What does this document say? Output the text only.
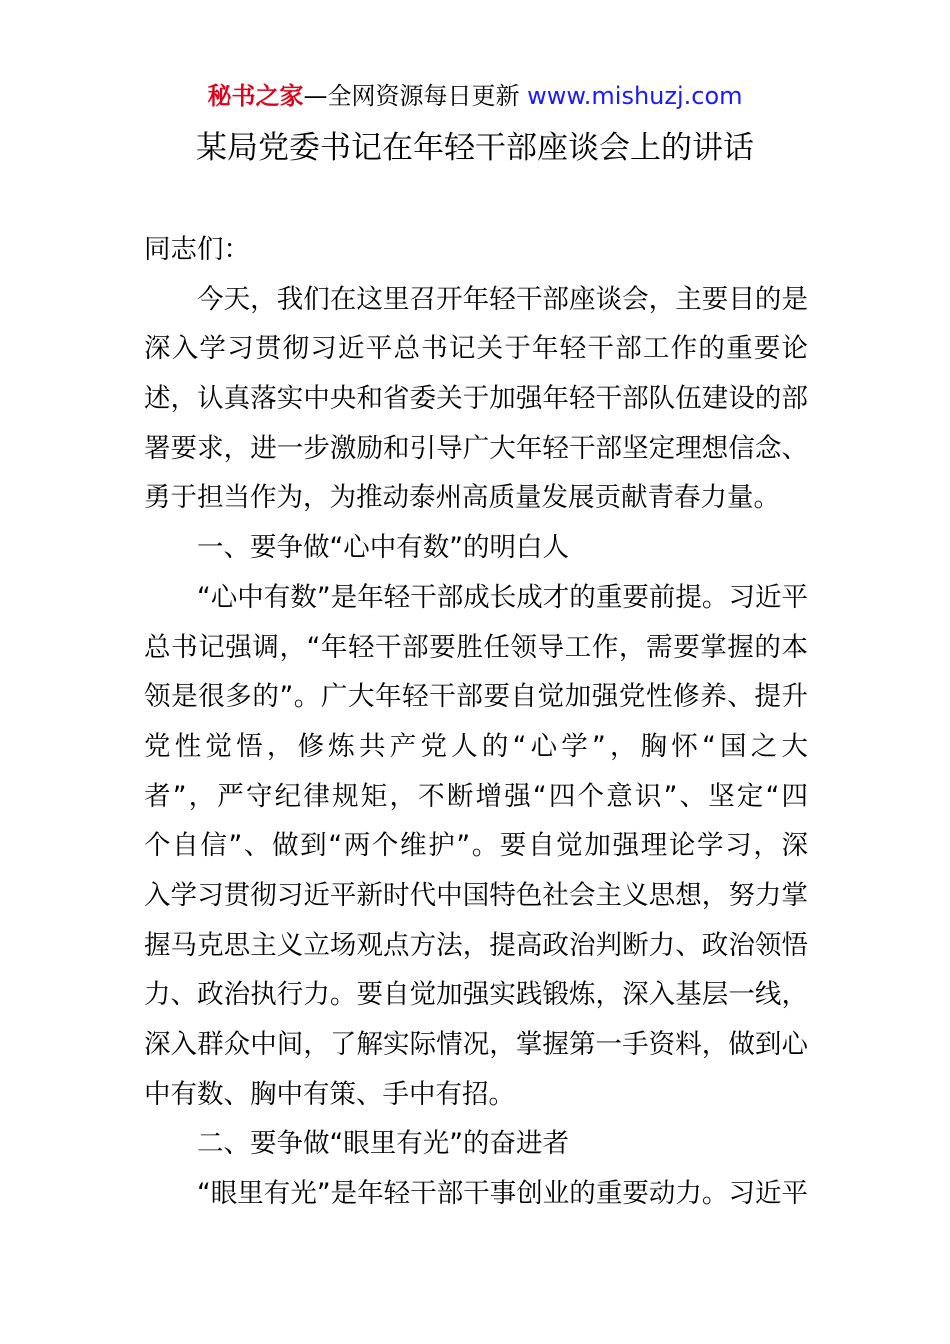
秘书之家—全网资源每日更新 www.mishuzj.com
某局党委书记在年轻干部座谈会上的讲话
同志们：
今天，我们在这里召开年轻干部座谈会，主要目的是
深入学习贯彻习近平总书记关于年轻干部工作的重要论
述，认真落实中央和省委关于加强年轻干部队伍建设的部
署要求，进一步激励和引导广大年轻干部坚定理想信念、
勇于担当作为，为推动泰州高质量发展贡献青春力量。
一、要争做“心中有数”的明白人
“心中有数”是年轻干部成长成才的重要前提。习近平
总书记强调，“年轻干部要胜任领导工作，需要掌握的本
领是很多的”。广大年轻干部要自觉加强党性修养、提升
党性觉悟，修炼共产党人的“心学”，胸怀“国之大
者”，严守纪律规矩，不断增强“四个意识”、坚定“四
个自信”、做到“两个维护”。要自觉加强理论学习，深
入学习贯彻习近平新时代中国特色社会主义思想，努力掌
握马克思主义立场观点方法，提高政治判断力、政治领悟
力、政治执行力。要自觉加强实践锻炼，深入基层一线，
深入群众中间，了解实际情况，掌握第一手资料，做到心
中有数、胸中有策、手中有招。
二、要争做“眼里有光”的奋进者
“眼里有光”是年轻干部干事创业的重要动力。习近平
